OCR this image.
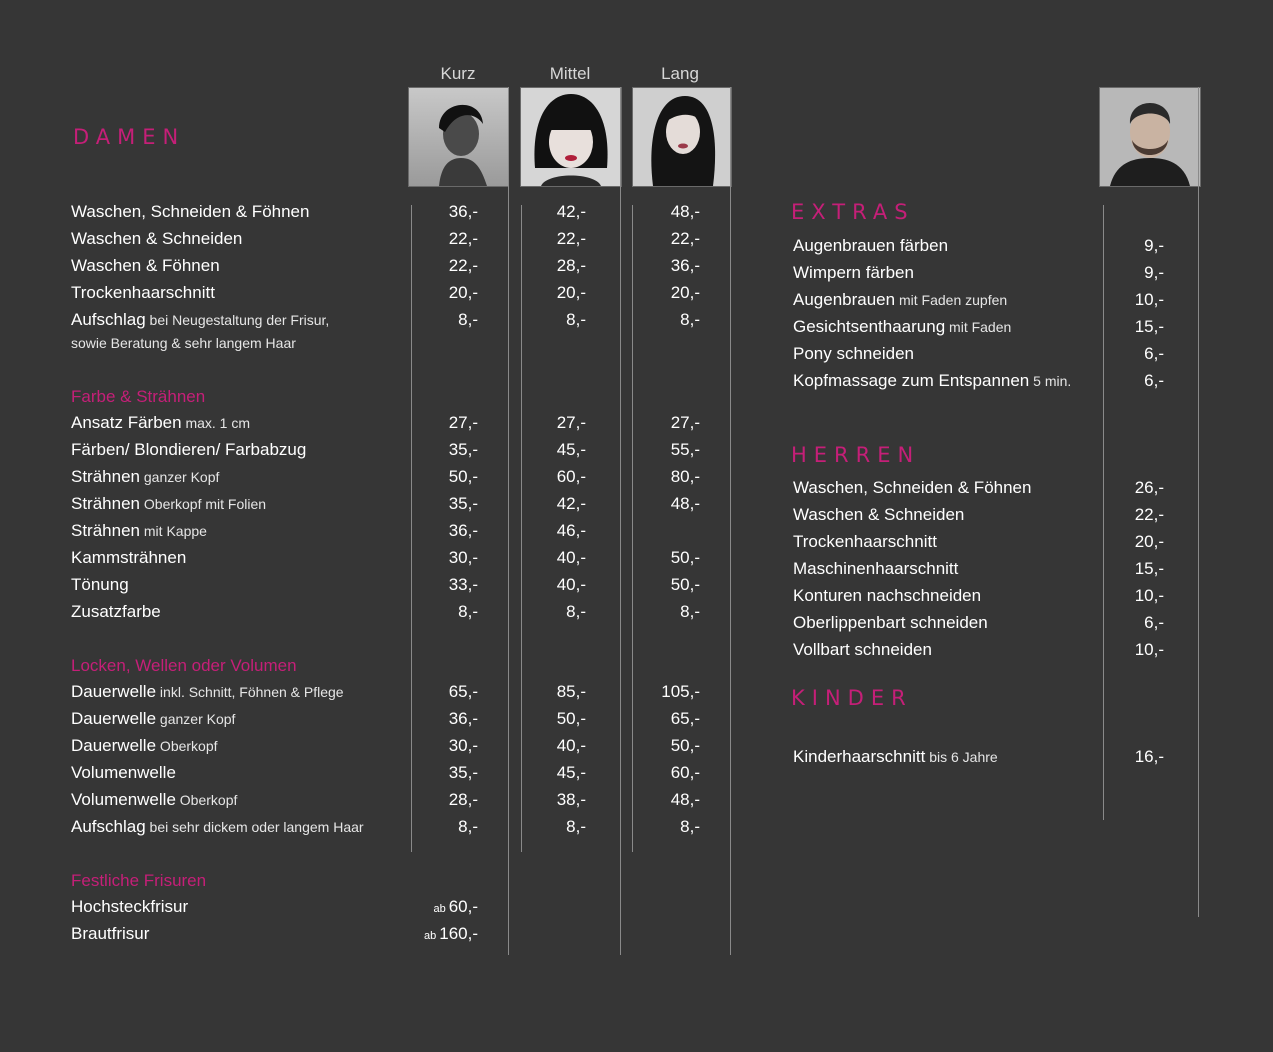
Kurz	Mittel	Lang
DAMEN
Waschen, Schneiden & Föhnen	36,-	42,-	48,-
Waschen & Schneiden	22,-	22,-	22,-
Waschen & Föhnen	22,-	28,-	36,-
Trockenhaarschnitt	20,-	20,-	20,-
Aufschlag bei Neugestaltung der Frisur,	8,-	8,-	8,-
sowie Beratung & sehr langem Haar
Farbe & Strähnen
Ansatz Färben max. 1 cm	27,-	27,-	27,-
Färben/ Blondieren/ Farbabzug	35,-	45,-	55,-
Strähnen ganzer Kopf	50,-	60,-	80,-
Strähnen Oberkopf mit Folien	35,-	42,-	48,-
Strähnen mit Kappe	36,-	46,-
Kammsträhnen	30,-	40,-	50,-
Tönung	33,-	40,-	50,-
Zusatzfarbe	8,-	8,-	8,-
Locken, Wellen oder Volumen
Dauerwelle inkl. Schnitt, Föhnen & Pflege	65,-	85,-	105,-
Dauerwelle ganzer Kopf	36,-	50,-	65,-
Dauerwelle Oberkopf	30,-	40,-	50,-
Volumenwelle	35,-	45,-	60,-
Volumenwelle Oberkopf	28,-	38,-	48,-
Aufschlag bei sehr dickem oder langem Haar	8,-	8,-	8,-
Festliche Frisuren
Hochsteckfrisur	ab 60,-
Brautfrisur	ab 160,-
EXTRAS
Augenbrauen färben	9,-
Wimpern färben	9,-
Augenbrauen mit Faden zupfen	10,-
Gesichtsenthaarung mit Faden	15,-
Pony schneiden	6,-
Kopfmassage zum Entspannen 5 min.	6,-
HERREN
Waschen, Schneiden & Föhnen	26,-
Waschen & Schneiden	22,-
Trockenhaarschnitt	20,-
Maschinenhaarschnitt	15,-
Konturen nachschneiden	10,-
Oberlippenbart schneiden	6,-
Vollbart schneiden	10,-
KINDER
Kinderhaarschnitt bis 6 Jahre	16,-
